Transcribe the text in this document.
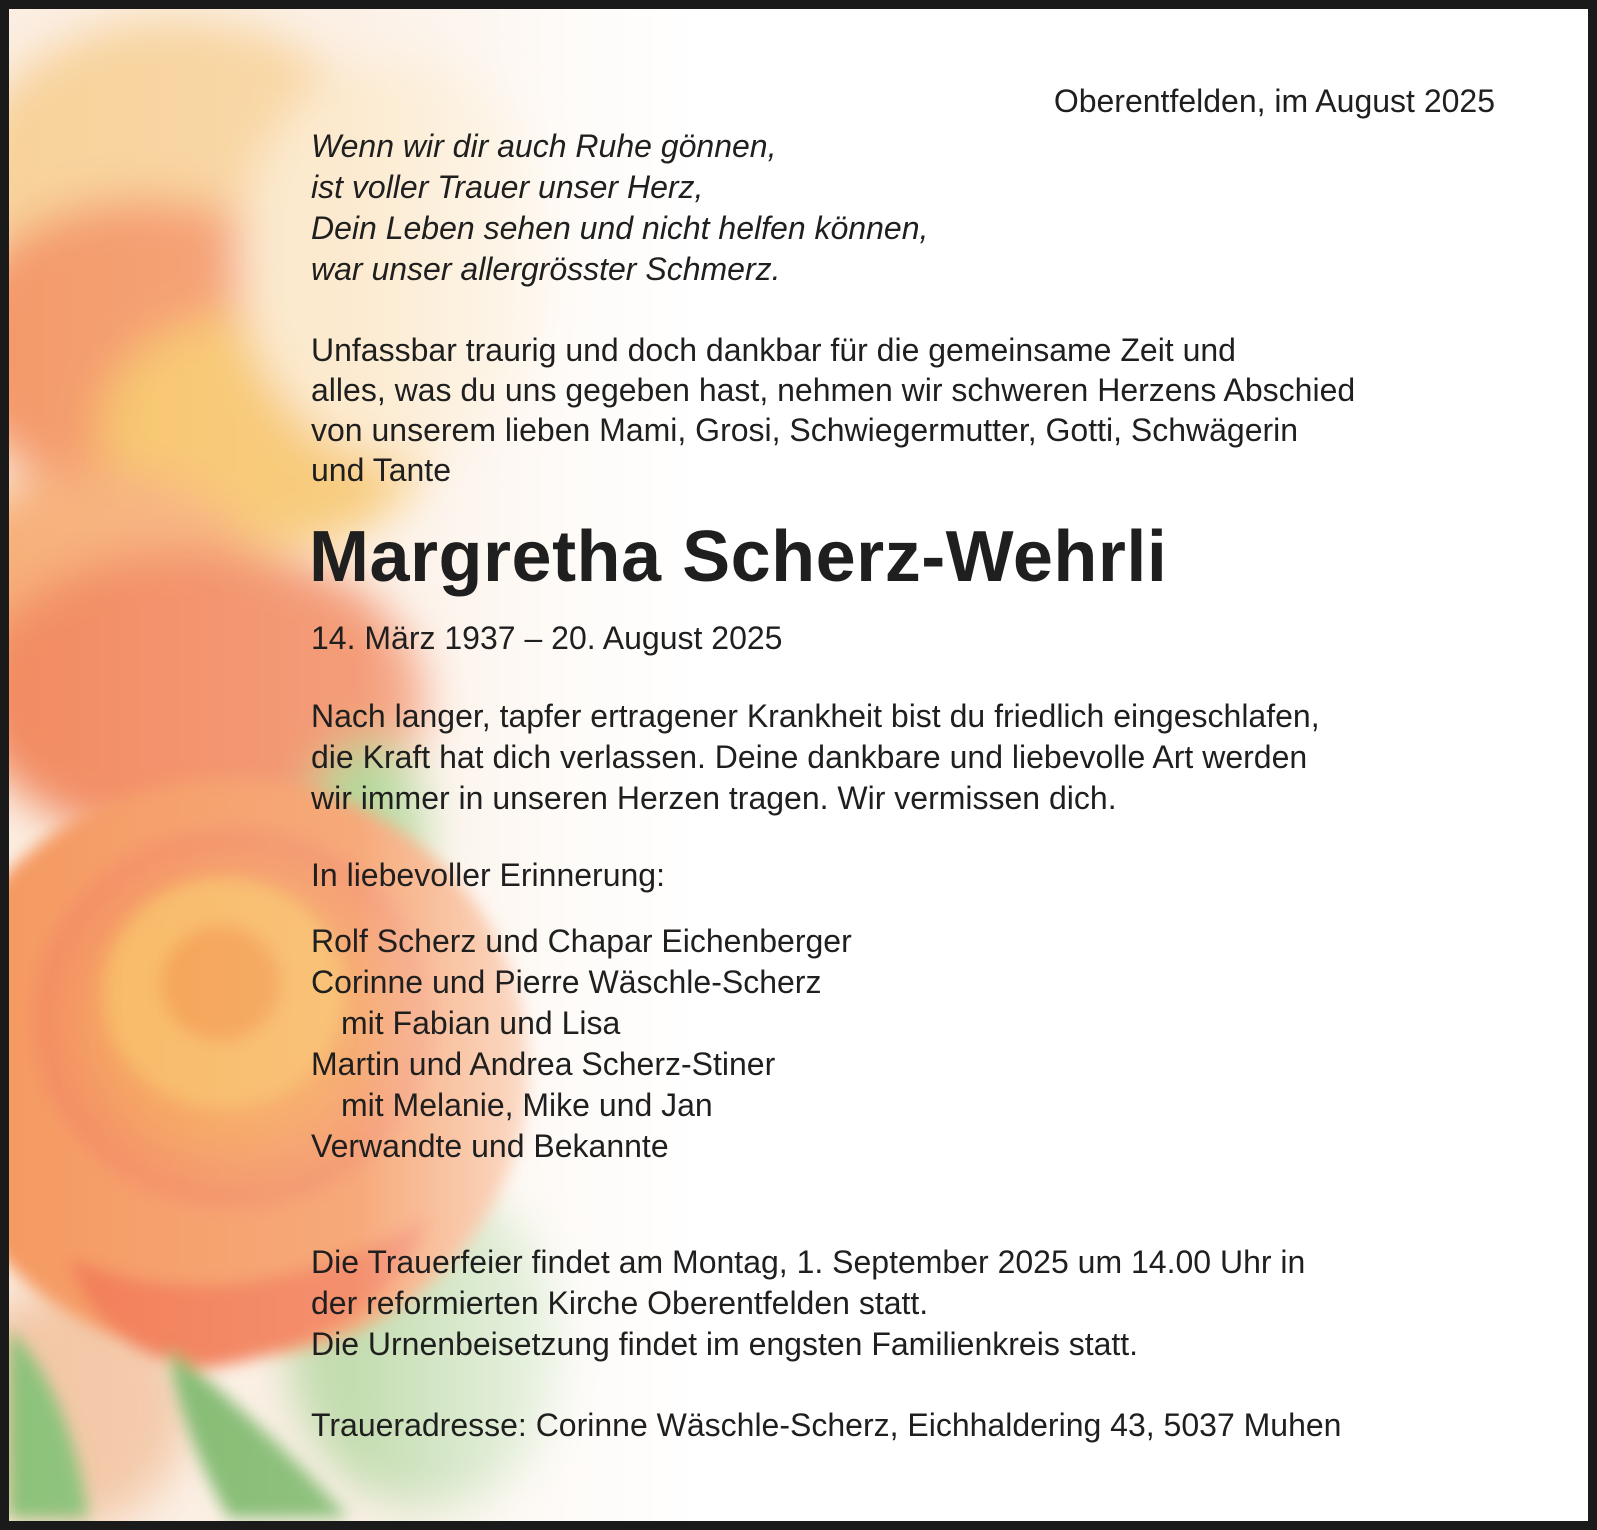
Oberentfelden, im August 2025
Wenn wir dir auch Ruhe gönnen,
ist voller Trauer unser Herz,
Dein Leben sehen und nicht helfen können,
war unser allergrösster Schmerz.
Unfassbar traurig und doch dankbar für die gemeinsame Zeit und
alles, was du uns gegeben hast, nehmen wir schweren Herzens Abschied
von unserem lieben Mami, Grosi, Schwiegermutter, Gotti, Schwägerin
und Tante
Margretha Scherz-Wehrli
14. März 1937 – 20. August 2025
Nach langer, tapfer ertragener Krankheit bist du friedlich eingeschlafen,
die Kraft hat dich verlassen. Deine dankbare und liebevolle Art werden
wir immer in unseren Herzen tragen. Wir vermissen dich.
In liebevoller Erinnerung:
Rolf Scherz und Chapar Eichenberger
Corinne und Pierre Wäschle-Scherz
mit Fabian und Lisa
Martin und Andrea Scherz-Stiner
mit Melanie, Mike und Jan
Verwandte und Bekannte
Die Trauerfeier findet am Montag, 1. September 2025 um 14.00 Uhr in
der reformierten Kirche Oberentfelden statt.
Die Urnenbeisetzung findet im engsten Familienkreis statt.
Traueradresse: Corinne Wäschle-Scherz, Eichhaldering 43, 5037 Muhen
